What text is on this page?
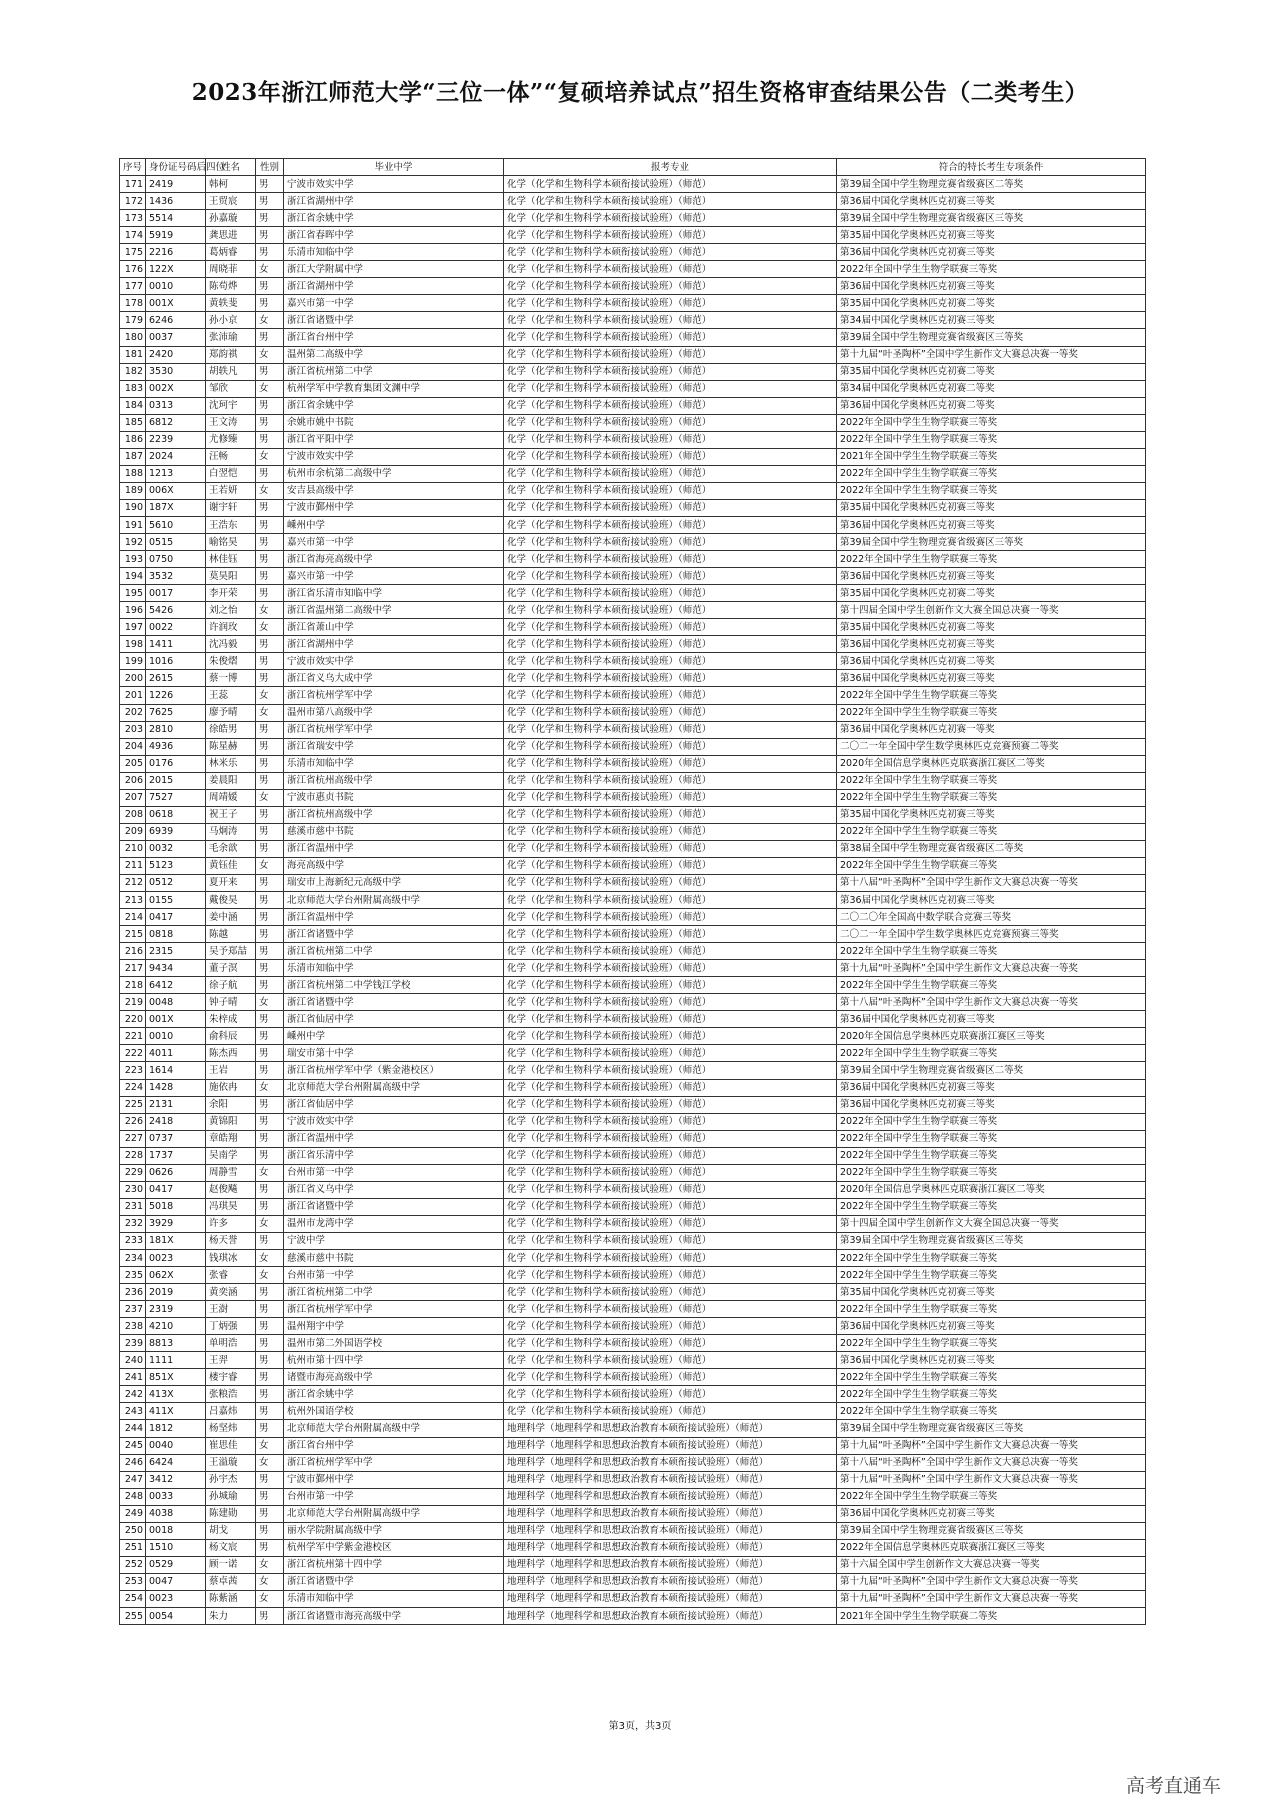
2023年浙江师范大学“三位一体”“复硕培养试点”招生资格审查结果公告（二类考生）
序号	身份证号码后四位	姓名	性别	毕业中学	报考专业	符合的特长考生专项条件
171	2419	韩柯	男	宁波市效实中学	化学（化学和生物科学本硕衔接试验班）（师范）	第39届全国中学生物理竞赛省级赛区二等奖
172	1436	王贸宸	男	浙江省湖州中学	化学（化学和生物科学本硕衔接试验班）（师范）	第36届中国化学奥林匹克初赛三等奖
173	5514	孙嘉璇	男	浙江省余姚中学	化学（化学和生物科学本硕衔接试验班）（师范）	第39届全国中学生物理竞赛省级赛区三等奖
174	5919	龚思进	男	浙江省春晖中学	化学（化学和生物科学本硕衔接试验班）（师范）	第35届中国化学奥林匹克初赛三等奖
175	2216	葛炳睿	男	乐清市知临中学	化学（化学和生物科学本硕衔接试验班）（师范）	第36届中国化学奥林匹克初赛三等奖
176	122X	周晓菲	女	浙江大学附属中学	化学（化学和生物科学本硕衔接试验班）（师范）	2022年全国中学生生物学联赛三等奖
177	0010	陈苟烨	男	浙江省湖州中学	化学（化学和生物科学本硕衔接试验班）（师范）	第36届中国化学奥林匹克初赛三等奖
178	001X	黄轶斐	男	嘉兴市第一中学	化学（化学和生物科学本硕衔接试验班）（师范）	第35届中国化学奥林匹克初赛二等奖
179	6246	孙小京	女	浙江省诸暨中学	化学（化学和生物科学本硕衔接试验班）（师范）	第34届中国化学奥林匹克初赛三等奖
180	0037	张沛瑜	男	浙江省台州中学	化学（化学和生物科学本硕衔接试验班）（师范）	第39届全国中学生物理竞赛省级赛区三等奖
181	2420	郑韵祺	女	温州第二高级中学	化学（化学和生物科学本硕衔接试验班）（师范）	第十九届“叶圣陶杯”全国中学生新作文大赛总决赛一等奖
182	3530	胡轶凡	男	浙江省杭州第二中学	化学（化学和生物科学本硕衔接试验班）（师范）	第35届中国化学奥林匹克初赛二等奖
183	002X	邹欣	女	杭州学军中学教育集团文渊中学	化学（化学和生物科学本硕衔接试验班）（师范）	第34届中国化学奥林匹克初赛二等奖
184	0313	沈珂宇	男	浙江省余姚中学	化学（化学和生物科学本硕衔接试验班）（师范）	第36届中国化学奥林匹克初赛二等奖
185	6812	王文涛	男	余姚市姚中书院	化学（化学和生物科学本硕衔接试验班）（师范）	2022年全国中学生生物学联赛三等奖
186	2239	尤修臻	男	浙江省平阳中学	化学（化学和生物科学本硕衔接试验班）（师范）	2022年全国中学生生物学联赛三等奖
187	2024	汪畅	女	宁波市效实中学	化学（化学和生物科学本硕衔接试验班）（师范）	2021年全国中学生生物学联赛三等奖
188	1213	白翌恺	男	杭州市余杭第二高级中学	化学（化学和生物科学本硕衔接试验班）（师范）	2022年全国中学生生物学联赛三等奖
189	006X	王若妍	女	安吉县高级中学	化学（化学和生物科学本硕衔接试验班）（师范）	2022年全国中学生生物学联赛三等奖
190	187X	谢宇轩	男	宁波市鄞州中学	化学（化学和生物科学本硕衔接试验班）（师范）	第35届中国化学奥林匹克初赛三等奖
191	5610	王浩东	男	嵊州中学	化学（化学和生物科学本硕衔接试验班）（师范）	第36届中国化学奥林匹克初赛三等奖
192	0515	喻铭昊	男	嘉兴市第一中学	化学（化学和生物科学本硕衔接试验班）（师范）	第39届全国中学生物理竞赛省级赛区三等奖
193	0750	林佳钰	男	浙江省海亮高级中学	化学（化学和生物科学本硕衔接试验班）（师范）	2022年全国中学生生物学联赛三等奖
194	3532	莫昊阳	男	嘉兴市第一中学	化学（化学和生物科学本硕衔接试验班）（师范）	第36届中国化学奥林匹克初赛三等奖
195	0017	李开荣	男	浙江省乐清市知临中学	化学（化学和生物科学本硕衔接试验班）（师范）	第35届中国化学奥林匹克初赛二等奖
196	5426	刘之怡	女	浙江省温州第二高级中学	化学（化学和生物科学本硕衔接试验班）（师范）	第十四届全国中学生创新作文大赛全国总决赛一等奖
197	0022	许润玫	女	浙江省萧山中学	化学（化学和生物科学本硕衔接试验班）（师范）	第35届中国化学奥林匹克初赛二等奖
198	1411	沈冯毅	男	浙江省湖州中学	化学（化学和生物科学本硕衔接试验班）（师范）	第36届中国化学奥林匹克初赛三等奖
199	1016	朱俊熠	男	宁波市效实中学	化学（化学和生物科学本硕衔接试验班）（师范）	第36届中国化学奥林匹克初赛二等奖
200	2615	蔡一博	男	浙江省义乌大成中学	化学（化学和生物科学本硕衔接试验班）（师范）	第36届中国化学奥林匹克初赛三等奖
201	1226	王蕊	女	浙江省杭州学军中学	化学（化学和生物科学本硕衔接试验班）（师范）	2022年全国中学生生物学联赛三等奖
202	7625	廖予晴	女	温州市第八高级中学	化学（化学和生物科学本硕衔接试验班）（师范）	2022年全国中学生生物学联赛三等奖
203	2810	徐皓男	男	浙江省杭州学军中学	化学（化学和生物科学本硕衔接试验班）（师范）	第36届中国化学奥林匹克初赛一等奖
204	4936	陈星赫	男	浙江省瑞安中学	化学（化学和生物科学本硕衔接试验班）（师范）	二〇二一年全国中学生数学奥林匹克竞赛预赛二等奖
205	0176	林米乐	男	乐清市知临中学	化学（化学和生物科学本硕衔接试验班）（师范）	2020年全国信息学奥林匹克联赛浙江赛区二等奖
206	2015	姜晨阳	男	浙江省杭州高级中学	化学（化学和生物科学本硕衔接试验班）（师范）	2022年全国中学生生物学联赛三等奖
207	7527	周靖媛	女	宁波市惠贞书院	化学（化学和生物科学本硕衔接试验班）（师范）	2022年全国中学生生物学联赛三等奖
208	0618	祝王子	男	浙江省杭州高级中学	化学（化学和生物科学本硕衔接试验班）（师范）	第35届中国化学奥林匹克初赛三等奖
209	6939	马炯涛	男	慈溪市慈中书院	化学（化学和生物科学本硕衔接试验班）（师范）	2022年全国中学生生物学联赛三等奖
210	0032	毛余歆	男	浙江省温州中学	化学（化学和生物科学本硕衔接试验班）（师范）	第38届全国中学生物理竞赛省级赛区二等奖
211	5123	黄钰佳	女	海亮高级中学	化学（化学和生物科学本硕衔接试验班）（师范）	2022年全国中学生生物学联赛三等奖
212	0512	夏开来	男	瑞安市上海新纪元高级中学	化学（化学和生物科学本硕衔接试验班）（师范）	第十八届“叶圣陶杯”全国中学生新作文大赛总决赛一等奖
213	0155	戴俊昊	男	北京师范大学台州附属高级中学	化学（化学和生物科学本硕衔接试验班）（师范）	第36届中国化学奥林匹克初赛三等奖
214	0417	姜中涵	男	浙江省温州中学	化学（化学和生物科学本硕衔接试验班）（师范）	二〇二〇年全国高中数学联合竞赛三等奖
215	0818	陈越	男	浙江省诸暨中学	化学（化学和生物科学本硕衔接试验班）（师范）	二〇二一年全国中学生数学奥林匹克竞赛预赛三等奖
216	2315	吴予郑喆	男	浙江省杭州第二中学	化学（化学和生物科学本硕衔接试验班）（师范）	2022年全国中学生生物学联赛三等奖
217	9434	董子溟	男	乐清市知临中学	化学（化学和生物科学本硕衔接试验班）（师范）	第十九届“叶圣陶杯”全国中学生新作文大赛总决赛一等奖
218	6412	徐子航	男	浙江省杭州第二中学钱江学校	化学（化学和生物科学本硕衔接试验班）（师范）	2022年全国中学生生物学联赛三等奖
219	0048	钟子晴	女	浙江省诸暨中学	化学（化学和生物科学本硕衔接试验班）（师范）	第十八届“叶圣陶杯”全国中学生新作文大赛总决赛一等奖
220	001X	朱梓成	男	浙江省仙居中学	化学（化学和生物科学本硕衔接试验班）（师范）	第36届中国化学奥林匹克初赛三等奖
221	0010	俞科辰	男	嵊州中学	化学（化学和生物科学本硕衔接试验班）（师范）	2020年全国信息学奥林匹克联赛浙江赛区三等奖
222	4011	陈杰西	男	瑞安市第十中学	化学（化学和生物科学本硕衔接试验班）（师范）	2022年全国中学生生物学联赛三等奖
223	1614	王岩	男	浙江省杭州学军中学（紫金港校区）	化学（化学和生物科学本硕衔接试验班）（师范）	第39届全国中学生物理竞赛省级赛区二等奖
224	1428	施依冉	女	北京师范大学台州附属高级中学	化学（化学和生物科学本硕衔接试验班）（师范）	第36届中国化学奥林匹克初赛三等奖
225	2131	余阳	男	浙江省仙居中学	化学（化学和生物科学本硕衔接试验班）（师范）	第36届中国化学奥林匹克初赛三等奖
226	2418	黄锦阳	男	宁波市效实中学	化学（化学和生物科学本硕衔接试验班）（师范）	2022年全国中学生生物学联赛三等奖
227	0737	章皓翔	男	浙江省温州中学	化学（化学和生物科学本硕衔接试验班）（师范）	2022年全国中学生生物学联赛三等奖
228	1737	吴南学	男	浙江省乐清中学	化学（化学和生物科学本硕衔接试验班）（师范）	2022年全国中学生生物学联赛三等奖
229	0626	周静雪	女	台州市第一中学	化学（化学和生物科学本硕衔接试验班）（师范）	2022年全国中学生生物学联赛三等奖
230	0417	赵俊飚	男	浙江省义乌中学	化学（化学和生物科学本硕衔接试验班）（师范）	2020年全国信息学奥林匹克联赛浙江赛区二等奖
231	5018	冯琪昊	男	浙江省诸暨中学	化学（化学和生物科学本硕衔接试验班）（师范）	2022年全国中学生生物学联赛三等奖
232	3929	许多	女	温州市龙湾中学	化学（化学和生物科学本硕衔接试验班）（师范）	第十四届全国中学生创新作文大赛全国总决赛一等奖
233	181X	杨天誉	男	宁波中学	化学（化学和生物科学本硕衔接试验班）（师范）	第39届全国中学生物理竞赛省级赛区三等奖
234	0023	钱琪冰	女	慈溪市慈中书院	化学（化学和生物科学本硕衔接试验班）（师范）	2022年全国中学生生物学联赛三等奖
235	062X	张睿	女	台州市第一中学	化学（化学和生物科学本硕衔接试验班）（师范）	2022年全国中学生生物学联赛三等奖
236	2019	黄奕涵	男	浙江省杭州第二中学	化学（化学和生物科学本硕衔接试验班）（师范）	第35届中国化学奥林匹克初赛三等奖
237	2319	王澍	男	浙江省杭州学军中学	化学（化学和生物科学本硕衔接试验班）（师范）	2022年全国中学生生物学联赛三等奖
238	4210	丁炳强	男	温州翔宇中学	化学（化学和生物科学本硕衔接试验班）（师范）	第36届中国化学奥林匹克初赛三等奖
239	8813	单明浩	男	温州市第二外国语学校	化学（化学和生物科学本硕衔接试验班）（师范）	2022年全国中学生生物学联赛三等奖
240	1111	王羿	男	杭州市第十四中学	化学（化学和生物科学本硕衔接试验班）（师范）	第36届中国化学奥林匹克初赛三等奖
241	851X	楼宇睿	男	诸暨市海亮高级中学	化学（化学和生物科学本硕衔接试验班）（师范）	2022年全国中学生生物学联赛三等奖
242	413X	张粮浩	男	浙江省余姚中学	化学（化学和生物科学本硕衔接试验班）（师范）	2022年全国中学生生物学联赛三等奖
243	411X	吕嘉炜	男	杭州外国语学校	化学（化学和生物科学本硕衔接试验班）（师范）	2022年全国中学生生物学联赛三等奖
244	1812	杨坚炜	男	北京师范大学台州附属高级中学	地理科学（地理科学和思想政治教育本硕衔接试验班）（师范）	第39届全国中学生物理竞赛省级赛区三等奖
245	0040	崔思佳	女	浙江省台州中学	地理科学（地理科学和思想政治教育本硕衔接试验班）（师范）	第十九届“叶圣陶杯”全国中学生新作文大赛总决赛一等奖
246	6424	王溢璇	女	浙江省杭州学军中学	地理科学（地理科学和思想政治教育本硕衔接试验班）（师范）	第十八届“叶圣陶杯”全国中学生新作文大赛总决赛一等奖
247	3412	孙宇杰	男	宁波市鄞州中学	地理科学（地理科学和思想政治教育本硕衔接试验班）（师范）	第十九届“叶圣陶杯”全国中学生新作文大赛总决赛一等奖
248	0033	孙城瑜	男	台州市第一中学	地理科学（地理科学和思想政治教育本硕衔接试验班）（师范）	2022年全国中学生生物学联赛三等奖
249	4038	陈建勋	男	北京师范大学台州附属高级中学	地理科学（地理科学和思想政治教育本硕衔接试验班）（师范）	第36届中国化学奥林匹克初赛三等奖
250	0018	胡戈	男	丽水学院附属高级中学	地理科学（地理科学和思想政治教育本硕衔接试验班）（师范）	第39届全国中学生物理竞赛省级赛区三等奖
251	1510	杨文宸	男	杭州学军中学紫金港校区	地理科学（地理科学和思想政治教育本硕衔接试验班）（师范）	2022年全国信息学奥林匹克联赛浙江赛区三等奖
252	0529	顾一诺	女	浙江省杭州第十四中学	地理科学（地理科学和思想政治教育本硕衔接试验班）（师范）	第十六届全国中学生创新作文大赛总决赛一等奖
253	0047	蔡卓茜	女	浙江省诸暨中学	地理科学（地理科学和思想政治教育本硕衔接试验班）（师范）	第十九届“叶圣陶杯”全国中学生新作文大赛总决赛一等奖
254	0023	陈紫涵	女	乐清市知临中学	地理科学（地理科学和思想政治教育本硕衔接试验班）（师范）	第十九届“叶圣陶杯”全国中学生新作文大赛总决赛一等奖
255	0054	朱力	男	浙江省诸暨市海亮高级中学	地理科学（地理科学和思想政治教育本硕衔接试验班）（师范）	2021年全国中学生生物学联赛二等奖
第3页，共3页
高考直通车
